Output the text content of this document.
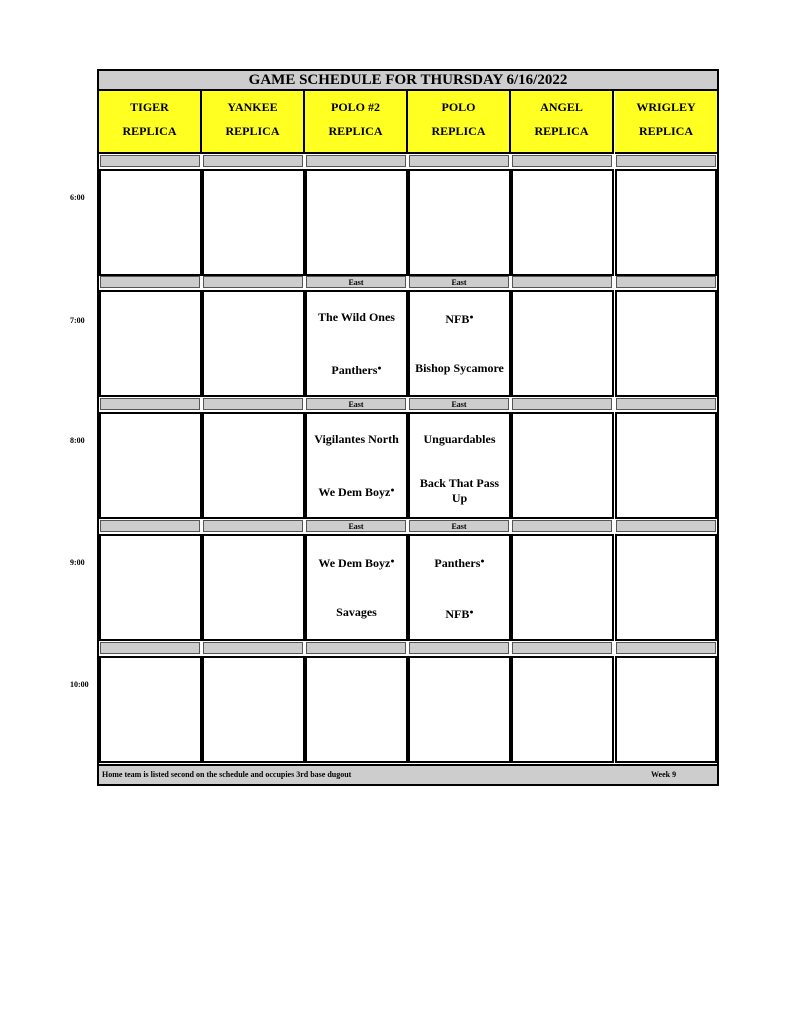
GAME SCHEDULE FOR THURSDAY 6/16/2022
TIGER
REPLICA
YANKEE
REPLICA
POLO #2
REPLICA
POLO
REPLICA
ANGEL
REPLICA
WRIGLEY
REPLICA
6:00
7:00
East
The Wild Ones
Panthers●
East
NFB●
Bishop Sycamore
8:00
East
Vigilantes North
We Dem Boyz●
East
Unguardables
Back That Pass Up
9:00
East
We Dem Boyz●
Savages
East
Panthers●
NFB●
10:00
Home team is listed second on the schedule and occupies 3rd base dugout	Week 9
